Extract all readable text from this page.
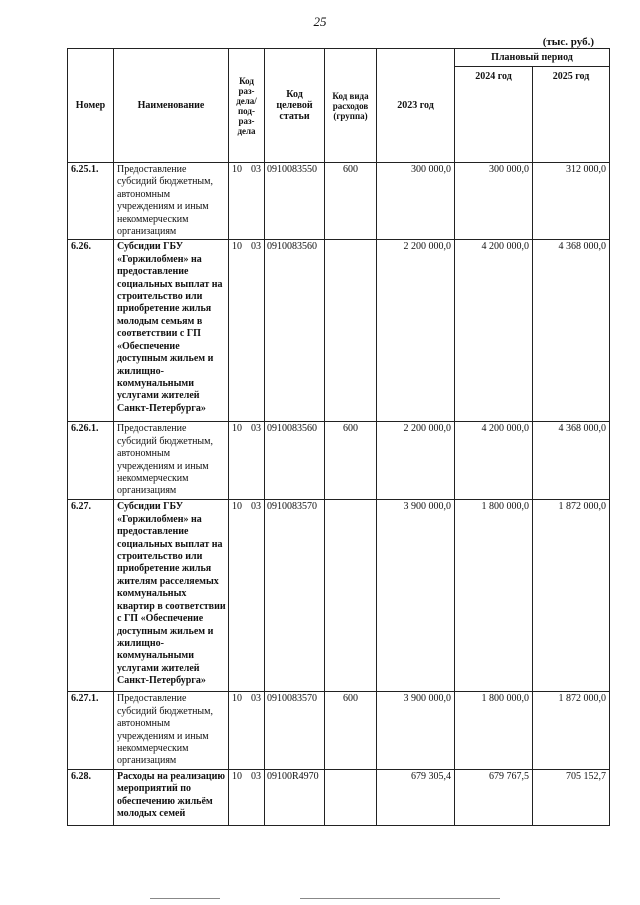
25
(тыс. руб.)
Номер	Наименование	Код раз-дела/ под-раз-дела	Код целевой статьи	Код вида расходов (группа)	2023 год	Плановый период	
						2024 год	2025 год
6.25.1.	Предоставление субсидий бюджетным, автономным учреждениям и иным некоммерческим организациям	10 03	0910083550	600	300 000,0	300 000,0	312 000,0
6.26.	Субсидии ГБУ «Горжилобмен» на предоставление социальных выплат на строительство или приобретение жилья молодым семьям в соответствии с ГП «Обеспечение доступным жильем и жилищно-коммунальными услугами жителей Санкт-Петербурга»	10 03	0910083560		2 200 000,0	4 200 000,0	4 368 000,0
6.26.1.	Предоставление субсидий бюджетным, автономным учреждениям и иным некоммерческим организациям	10 03	0910083560	600	2 200 000,0	4 200 000,0	4 368 000,0
6.27.	Субсидии ГБУ «Горжилобмен» на предоставление социальных выплат на строительство или приобретение жилья жителям расселяемых коммунальных квартир в соответствии с ГП «Обеспечение доступным жильем и жилищно-коммунальными услугами жителей Санкт-Петербурга»	10 03	0910083570		3 900 000,0	1 800 000,0	1 872 000,0
6.27.1.	Предоставление субсидий бюджетным, автономным учреждениям и иным некоммерческим организациям	10 03	0910083570	600	3 900 000,0	1 800 000,0	1 872 000,0
6.28.	Расходы на реализацию мероприятий по обеспечению жильём молодых семей	10 03	09100R4970		679 305,4	679 767,5	705 152,7
